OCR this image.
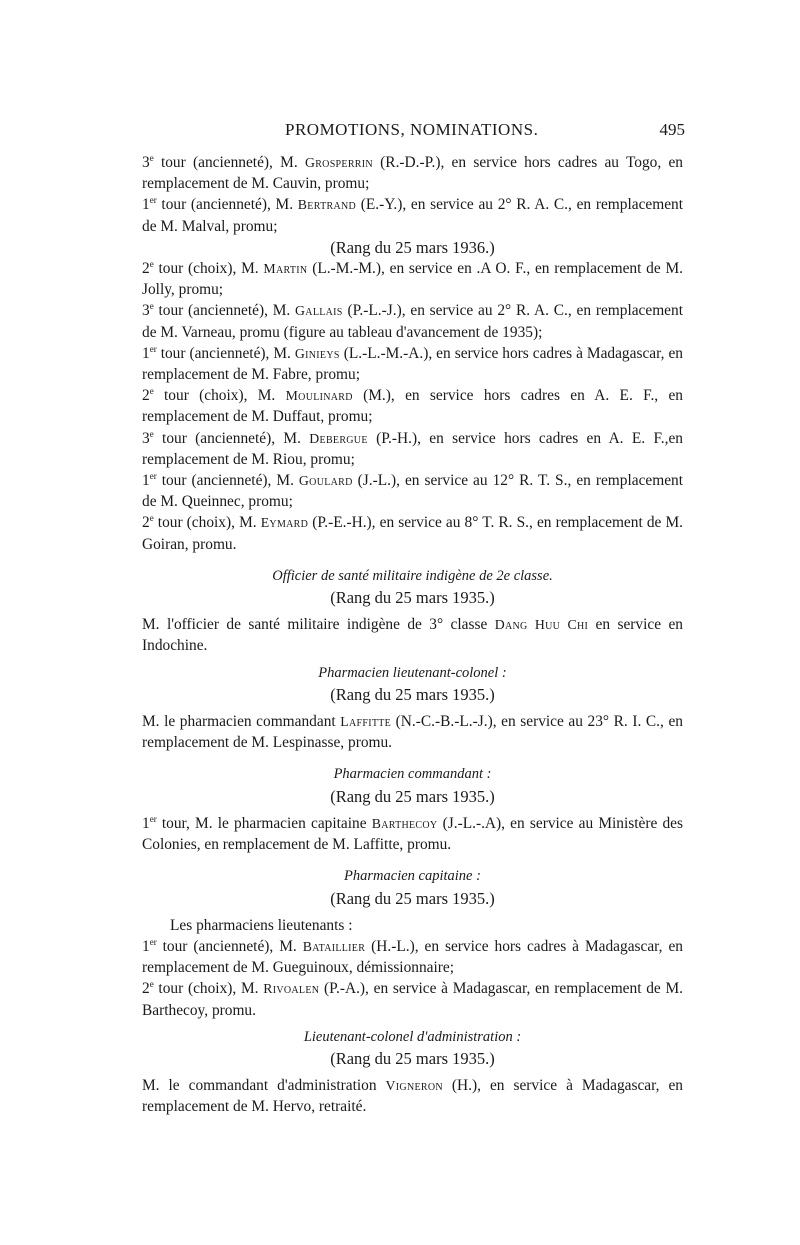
PROMOTIONS, NOMINATIONS.	495

3e tour (ancienneté), M. Grosperrin (R.-D.-P.), en service hors cadres au Togo, en remplacement de M. Cauvin, promu;

1er tour (ancienneté), M. Bertrand (E.-Y.), en service au 2° R. A. C., en remplacement de M. Malval, promu;

(Rang du 25 mars 1936.)

2e tour (choix), M. Martin (L.-M.-M.), en service en .A O. F., en remplacement de M. Jolly, promu;

3e tour (ancienneté), M. Gallais (P.-L.-J.), en service au 2° R. A. C., en remplacement de M. Varneau, promu (figure au tableau d'avancement de 1935);

1er tour (ancienneté), M. Ginieys (L.-L.-M.-A.), en service hors cadres à Madagascar, en remplacement de M. Fabre, promu;

2e tour (choix), M. Moulinard (M.), en service hors cadres en A. E. F., en remplacement de M. Duffaut, promu;

3e tour (ancienneté), M. Debergue (P.-H.), en service hors cadres en A. E. F.,en remplacement de M. Riou, promu;

1er tour (ancienneté), M. Goulard (J.-L.), en service au 12° R. T. S., en remplacement de M. Queinnec, promu;

2e tour (choix), M. Eymard (P.-E.-H.), en service au 8° T. R. S., en remplacement de M. Goiran, promu.

Officier de santé militaire indigène de 2e classe.

(Rang du 25 mars 1935.)

M. l'officier de santé militaire indigène de 3° classe Dang Huu Chi en service en Indochine.

Pharmacien lieutenant-colonel :

(Rang du 25 mars 1935.)

M. le pharmacien commandant Laffitte (N.-C.-B.-L.-J.), en service au 23° R. I. C., en remplacement de M. Lespinasse, promu.

Pharmacien commandant :

(Rang du 25 mars 1935.)

1er tour, M. le pharmacien capitaine Barthecoy (J.-L.-.A), en service au Ministère des Colonies, en remplacement de M. Laffitte, promu.

Pharmacien capitaine :

(Rang du 25 mars 1935.)

Les pharmaciens lieutenants :

1er tour (ancienneté), M. Bataillier (H.-L.), en service hors cadres à Madagascar, en remplacement de M. Gueguinoux, démissionnaire;

2e tour (choix), M. Rivoalen (P.-A.), en service à Madagascar, en remplacement de M. Barthecoy, promu.

Lieutenant-colonel d'administration :

(Rang du 25 mars 1935.)

M. le commandant d'administration Vigneron (H.), en service à Madagascar, en remplacement de M. Hervo, retraité.
